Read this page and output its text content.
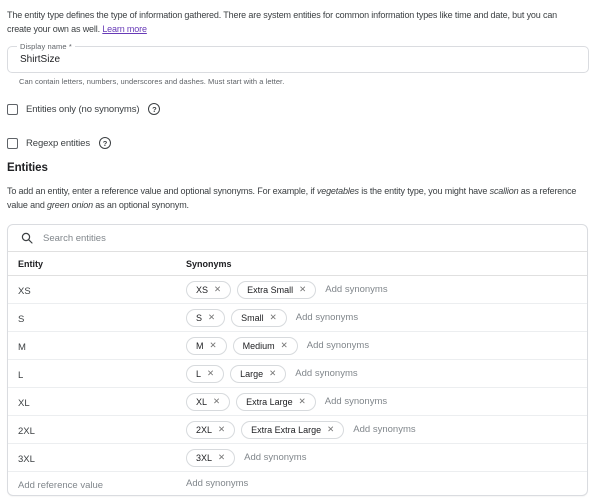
The entity type defines the type of information gathered. There are system entities for common information types like time and date, but you can
create your own as well. Learn more
Display name *
ShirtSize
Can contain letters, numbers, underscores and dashes. Must start with a letter.
Entities only (no synonyms)	?
Regexp entities	?
Entities
To add an entity, enter a reference value and optional synonyms. For example, if vegetables is the entity type, you might have scallion as a reference
value and green onion as an optional synonym.
Search entities
Entity	Synonyms
XS	XS ✕	Extra Small ✕ Add synonyms
S	S ✕	Small ✕ Add synonyms
M	M ✕	Medium ✕ Add synonyms
L	L ✕	Large ✕ Add synonyms
XL	XL ✕	Extra Large ✕ Add synonyms
2XL	2XL ✕	Extra Extra Large ✕ Add synonyms
3XL	3XL ✕ Add synonyms
Add reference value	Add synonyms
